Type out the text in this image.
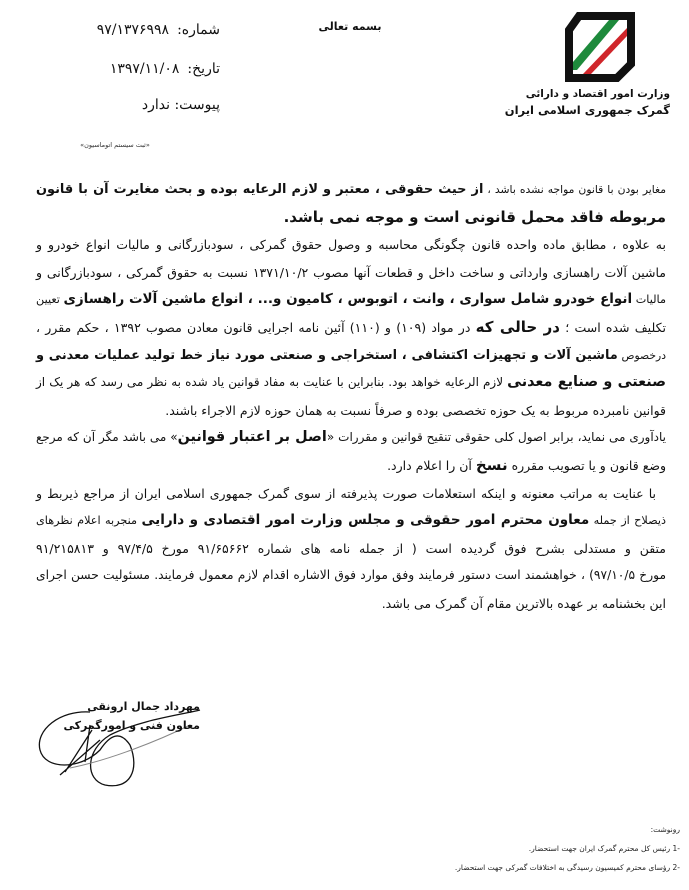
وزارت امور اقتصاد و دارائی
گمرک جمهوری اسلامی ایران
بسمه تعالی
شماره:۹۷/۱۳۷۶۹۹۸
تاریخ:۱۳۹۷/۱۱/۰۸
پیوست: ندارد
«ثبت سیستم اتوماسیون»
مغایر بودن با قانون مواجه نشده باشد ، از حیث حقوقی ، معتبر و لازم الرعایه بوده و بحث مغایرت آن با قانون
مربوطه فاقد محمل قانونی است و موجه نمی باشد.
به علاوه ، مطابق ماده واحده قانون چگونگی محاسبه و وصول حقوق گمرکی ، سودبازرگانی و مالیات انواع خودرو و
ماشین آلات راهسازی وارداتی و ساخت داخل و قطعات آنها مصوب ۱۳۷۱/۱۰/۲ نسبت به حقوق گمرکی ، سودبازرگانی و
مالیات انواع خودرو شامل سواری ، وانت ، اتوبوس ، کامیون و... ، انواع ماشین آلات راهسازی تعیین
تکلیف شده است ؛ در حالی که در مواد (۱۰۹) و (۱۱۰) آئین نامه اجرایی قانون معادن مصوب ۱۳۹۲ ، حکم مقرر ،
درخصوص ماشین آلات و تجهیزات اکتشافی ، استخراجی و صنعتی مورد نیاز خط تولید عملیات معدنی و
صنعتی و صنایع معدنی لازم الرعایه خواهد بود. بنابراین با عنایت به مفاد قوانین یاد شده به نظر می رسد که هر یک از
قوانین نامبرده مربوط به یک حوزه تخصصی بوده و صرفاً نسبت به همان حوزه لازم الاجراء باشند.
یادآوری می نماید، برابر اصول کلی حقوقی تنقیح قوانین و مقررات «اصل بر اعتبار قوانین» می باشد مگر آن که مرجع
وضع قانون و یا تصویب مقرره نسخ آن را اعلام دارد.
با عنایت به مراتب معنونه و اینکه استعلامات صورت پذیرفته از سوی گمرک جمهوری اسلامی ایران از مراجع ذیربط و
ذیصلاح از جمله معاون محترم امور حقوقی و مجلس وزارت امور اقتصادی و دارایی منجربه اعلام نظرهای
متقن و مستدلی بشرح فوق گردیده است ( از جمله نامه های شماره ۹۱/۶۵۶۶۲ مورخ ۹۷/۴/۵ و ۹۱/۲۱۵۸۱۳
مورخ ۹۷/۱۰/۵) ، خواهشمند است دستور فرمایند وفق موارد فوق الاشاره اقدام لازم معمول فرمایند. مسئولیت حسن اجرای
این بخشنامه بر عهده بالاترین مقام آن گمرک می باشد.
مهرداد جمال ارونقی
معاون فنی و امورگمرکی
رونوشت:
-1 رئیس کل محترم گمرک ایران جهت استحضار.
-2 رؤسای محترم کمیسیون رسیدگی به اختلافات گمرکی جهت استحضار.
